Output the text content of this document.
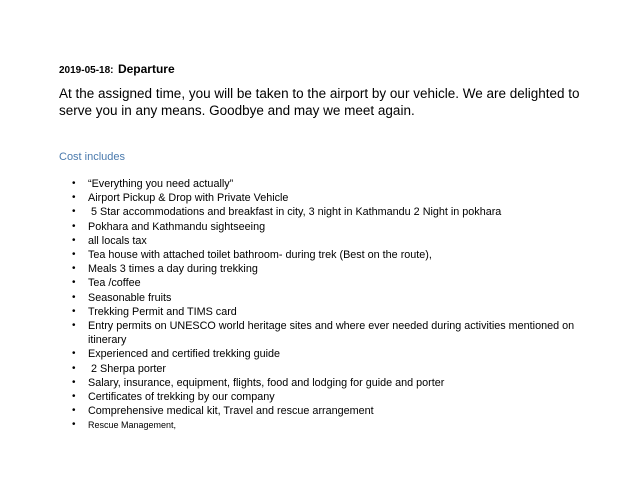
2019-05-18: Departure
At the assigned time, you will be taken to the airport by our vehicle. We are delighted to serve you in any means. Goodbye and may we meet again.
Cost includes
• “Everything you need actually”
• Airport Pickup & Drop with Private Vehicle
• 5 Star accommodations and breakfast in city, 3 night in Kathmandu 2 Night in pokhara
• Pokhara and Kathmandu sightseeing
• all locals tax
• Tea house with attached toilet bathroom- during trek (Best on the route),
• Meals 3 times a day during trekking
• Tea /coffee
• Seasonable fruits
• Trekking Permit and TIMS card
• Entry permits on UNESCO world heritage sites and where ever needed during activities mentioned on itinerary
• Experienced and certified trekking guide
• 2 Sherpa porter
• Salary, insurance, equipment, flights, food and lodging for guide and porter
• Certificates of trekking by our company
• Comprehensive medical kit, Travel and rescue arrangement
• Rescue Management,
